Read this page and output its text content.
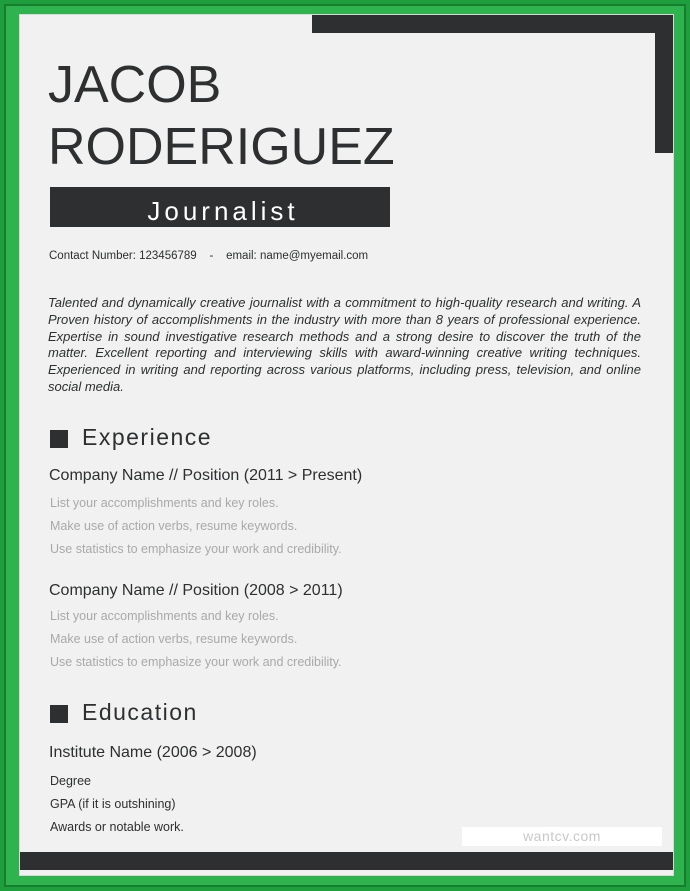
JACOB
RODERIGUEZ
Journalist
Contact Number: 123456789    -    email: name@myemail.com
Talented and dynamically creative journalist with a commitment to high-quality research and writing. A Proven history of accomplishments in the industry with more than 8 years of professional experience. Expertise in sound investigative research methods and a strong desire to discover the truth of the matter. Excellent reporting and interviewing skills with award-winning creative writing techniques. Experienced in writing and reporting across various platforms, including press, television, and online social media.
Experience
Company Name // Position (2011 > Present)
List your accomplishments and key roles.
Make use of action verbs, resume keywords.
Use statistics to emphasize your work and credibility.
Company Name // Position (2008 > 2011)
List your accomplishments and key roles.
Make use of action verbs, resume keywords.
Use statistics to emphasize your work and credibility.
Education
Institute Name (2006 > 2008)
Degree
GPA (if it is outshining)
Awards or notable work.
wantcv.com
